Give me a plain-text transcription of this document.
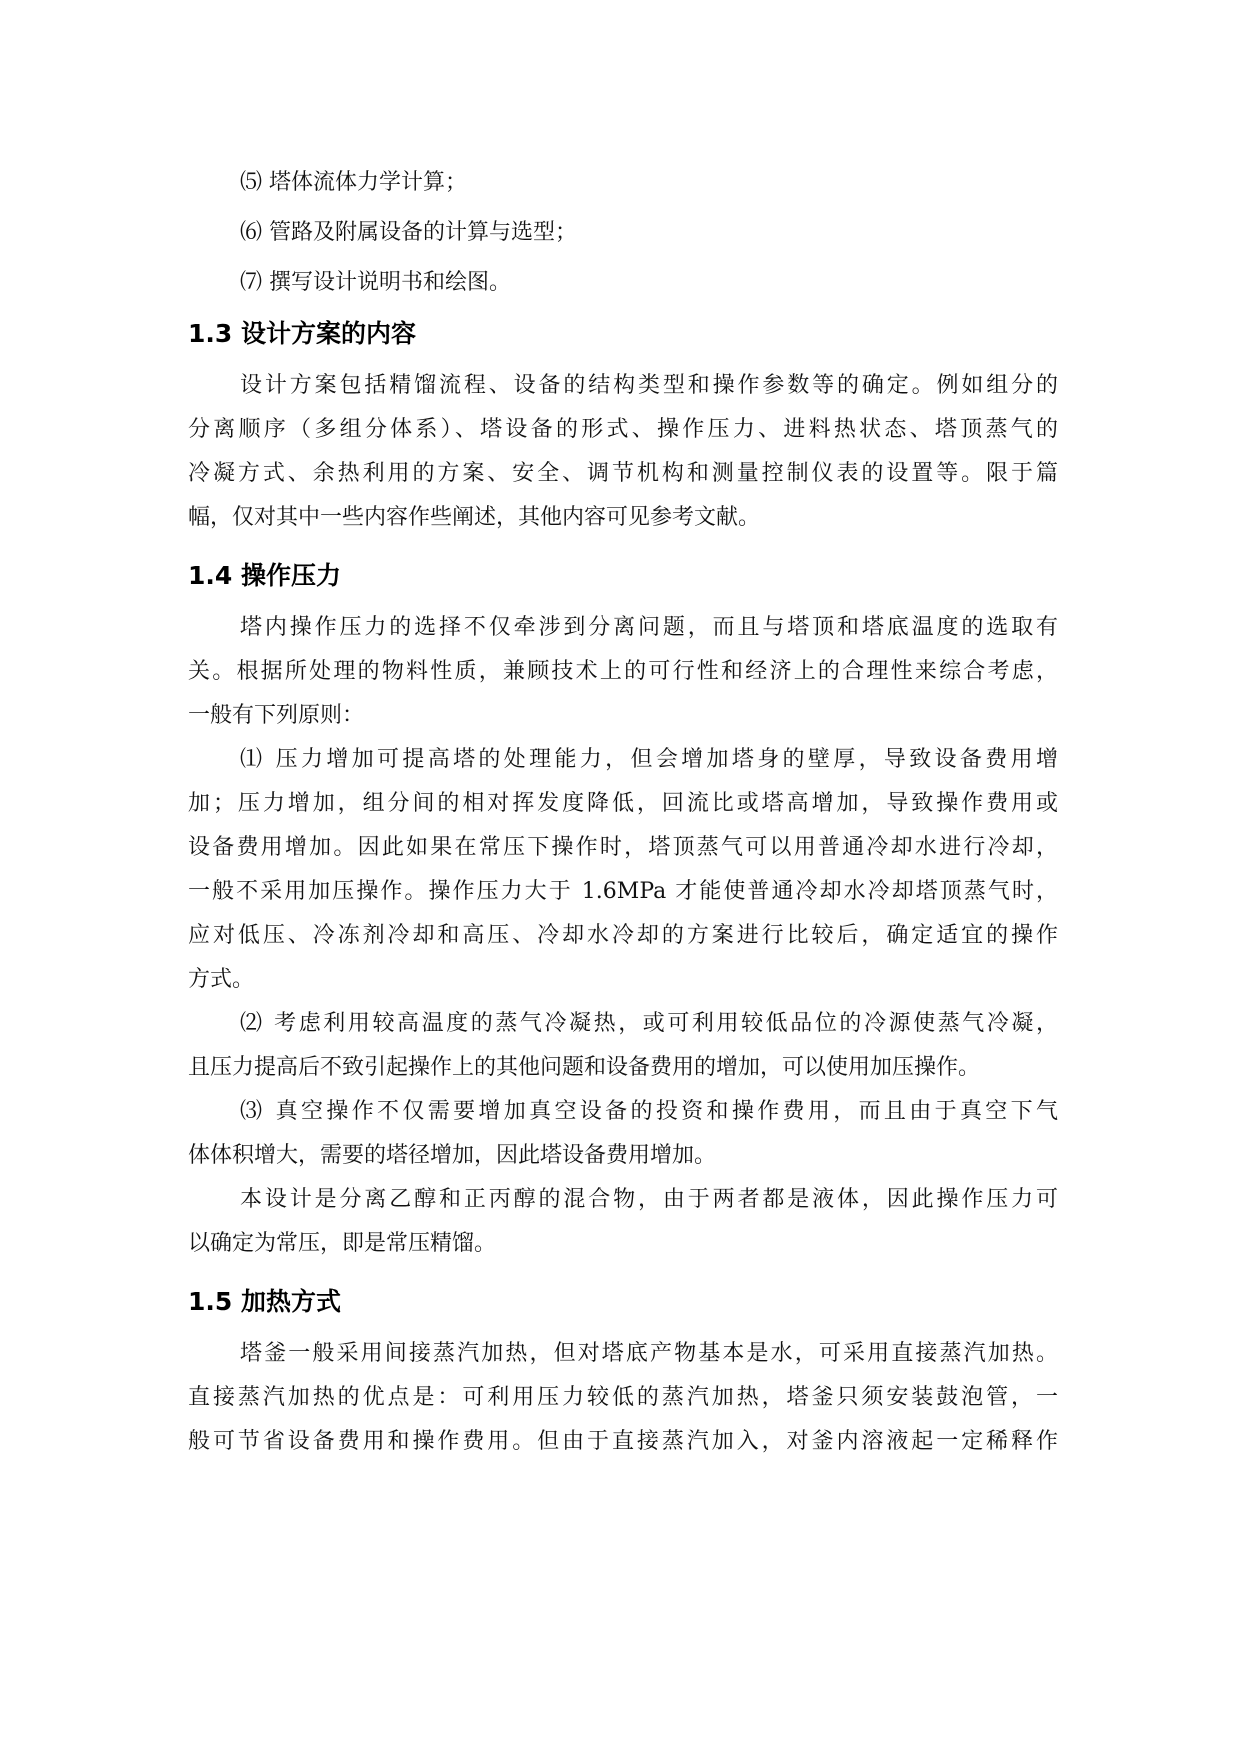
⑸ 塔体流体力学计算；
⑹ 管路及附属设备的计算与选型；
⑺ 撰写设计说明书和绘图。
1.3 设计方案的内容
设计方案包括精馏流程、设备的结构类型和操作参数等的确定。例如组分的
分离顺序（多组分体系）、塔设备的形式、操作压力、进料热状态、塔顶蒸气的
冷凝方式、余热利用的方案、安全、调节机构和测量控制仪表的设置等。限于篇
幅，仅对其中一些内容作些阐述，其他内容可见参考文献。
1.4 操作压力
塔内操作压力的选择不仅牵涉到分离问题，而且与塔顶和塔底温度的选取有
关。根据所处理的物料性质，兼顾技术上的可行性和经济上的合理性来综合考虑，
一般有下列原则：
⑴ 压力增加可提高塔的处理能力，但会增加塔身的壁厚，导致设备费用增
加；压力增加，组分间的相对挥发度降低，回流比或塔高增加，导致操作费用或
设备费用增加。因此如果在常压下操作时，塔顶蒸气可以用普通冷却水进行冷却，
一般不采用加压操作。操作压力大于 1.6MPa 才能使普通冷却水冷却塔顶蒸气时，
应对低压、冷冻剂冷却和高压、冷却水冷却的方案进行比较后，确定适宜的操作
方式。
⑵ 考虑利用较高温度的蒸气冷凝热，或可利用较低品位的冷源使蒸气冷凝，
且压力提高后不致引起操作上的其他问题和设备费用的增加，可以使用加压操作。
⑶ 真空操作不仅需要增加真空设备的投资和操作费用，而且由于真空下气
体体积增大，需要的塔径增加，因此塔设备费用增加。
本设计是分离乙醇和正丙醇的混合物，由于两者都是液体，因此操作压力可
以确定为常压，即是常压精馏。
1.5 加热方式
塔釜一般采用间接蒸汽加热，但对塔底产物基本是水，可采用直接蒸汽加热。
直接蒸汽加热的优点是：可利用压力较低的蒸汽加热，塔釜只须安装鼓泡管，一
般可节省设备费用和操作费用。但由于直接蒸汽加入，对釜内溶液起一定稀释作
